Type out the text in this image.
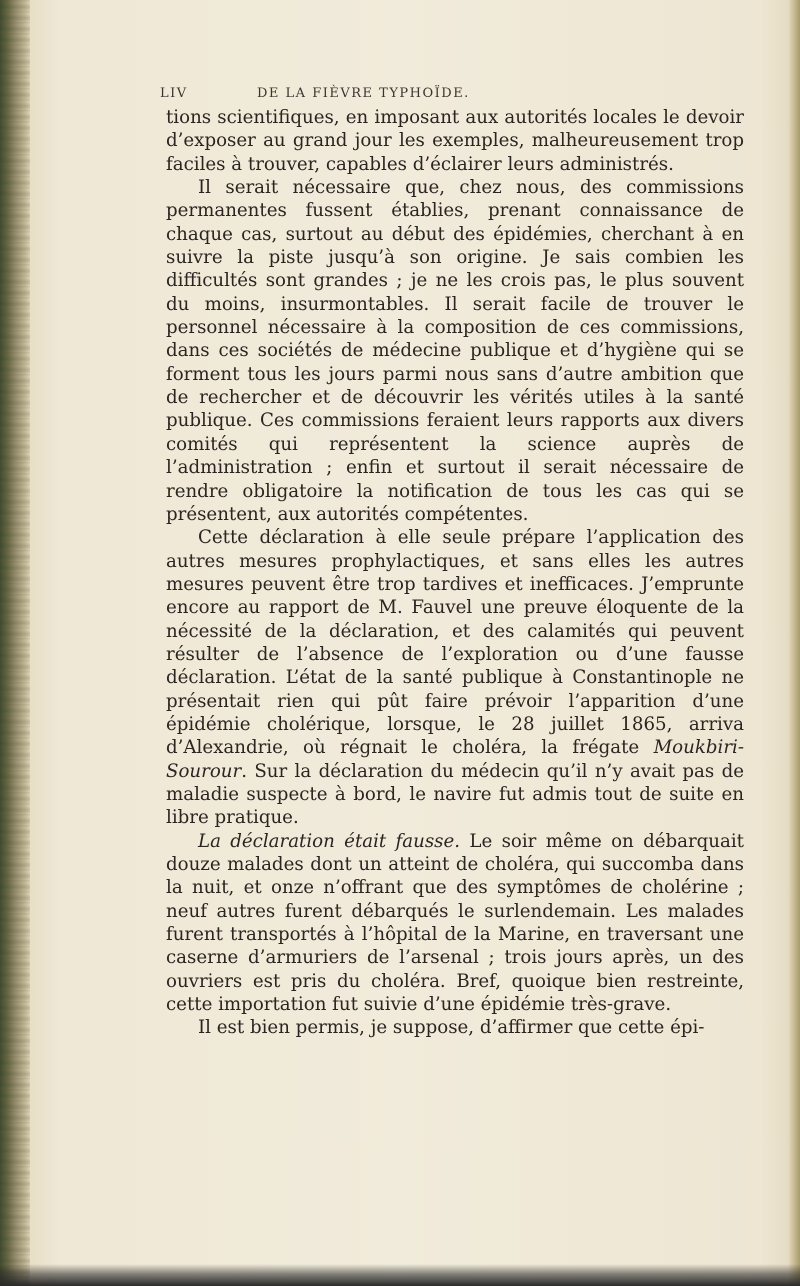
LIV	DE LA FIÈVRE TYPHOÏDE.

tions scientifiques, en imposant aux autorités locales le devoir d’exposer au grand jour les exemples, malheureusement trop faciles à trouver, capables d’éclairer leurs administrés.

Il serait nécessaire que, chez nous, des commissions permanentes fussent établies, prenant connaissance de chaque cas, surtout au début des épidémies, cherchant à en suivre la piste jusqu’à son origine. Je sais combien les difficultés sont grandes ; je ne les crois pas, le plus souvent du moins, insurmontables. Il serait facile de trouver le personnel nécessaire à la composition de ces commissions, dans ces sociétés de médecine publique et d’hygiène qui se forment tous les jours parmi nous sans d’autre ambition que de rechercher et de découvrir les vérités utiles à la santé publique. Ces commissions feraient leurs rapports aux divers comités qui représentent la science auprès de l’administration ; enfin et surtout il serait nécessaire de rendre obligatoire la notification de tous les cas qui se présentent, aux autorités compétentes.

Cette déclaration à elle seule prépare l’application des autres mesures prophylactiques, et sans elles les autres mesures peuvent être trop tardives et inefficaces. J’emprunte encore au rapport de M. Fauvel une preuve éloquente de la nécessité de la déclaration, et des calamités qui peuvent résulter de l’absence de l’exploration ou d’une fausse déclaration. L’état de la santé publique à Constantinople ne présentait rien qui pût faire prévoir l’apparition d’une épidémie cholérique, lorsque, le 28 juillet 1865, arriva d’Alexandrie, où régnait le choléra, la frégate Moukbiri-Sourour. Sur la déclaration du médecin qu’il n’y avait pas de maladie suspecte à bord, le navire fut admis tout de suite en libre pratique.

La déclaration était fausse. Le soir même on débarquait douze malades dont un atteint de choléra, qui succomba dans la nuit, et onze n’offrant que des symptômes de cholérine ; neuf autres furent débarqués le surlendemain. Les malades furent transportés à l’hôpital de la Marine, en traversant une caserne d’armuriers de l’arsenal ; trois jours après, un des ouvriers est pris du choléra. Bref, quoique bien restreinte, cette importation fut suivie d’une épidémie très-grave.

Il est bien permis, je suppose, d’affirmer que cette épi-
